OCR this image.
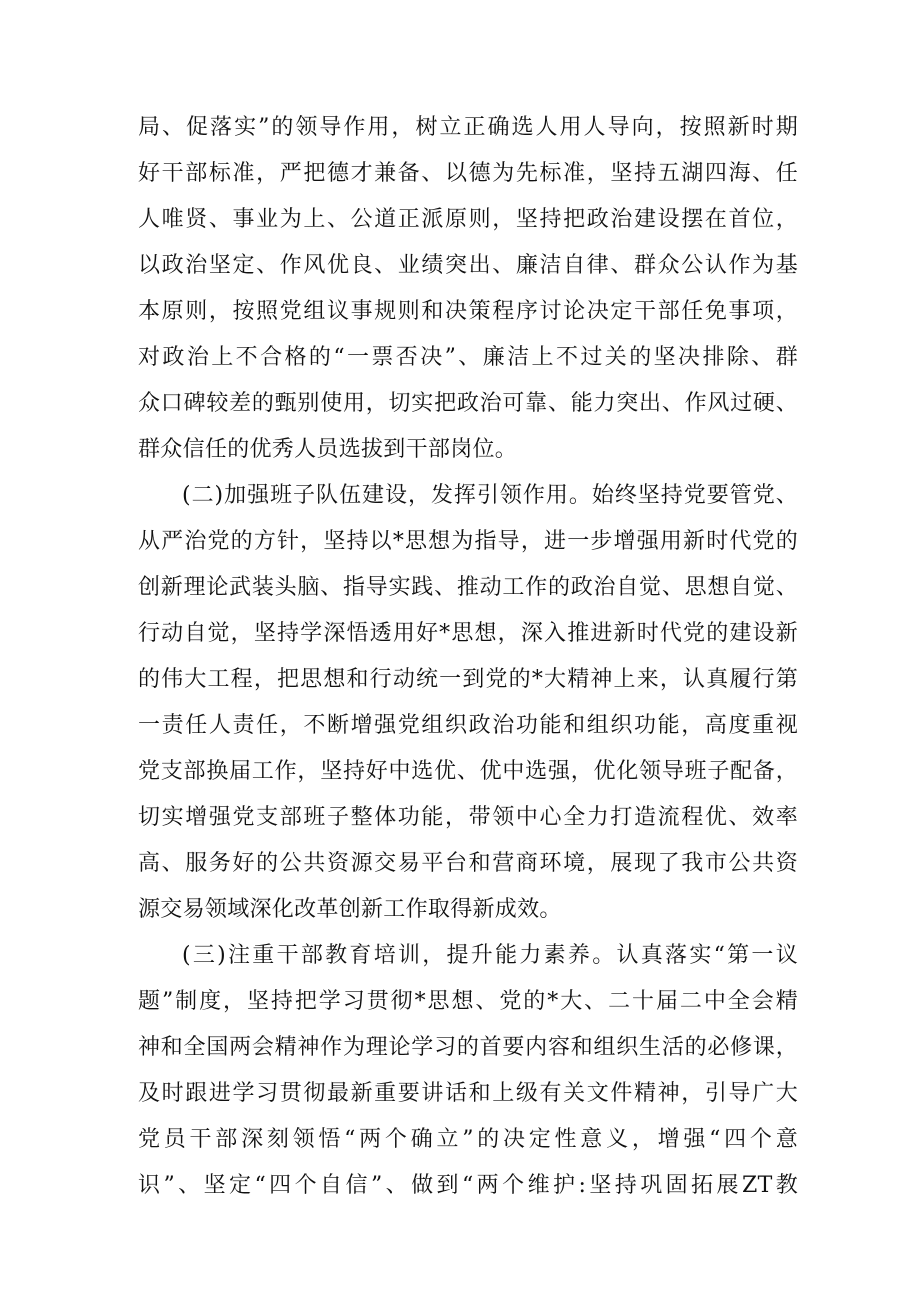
局、促落实”的领导作用，树立正确选人用人导向，按照新时期
好干部标准，严把德才兼备、以德为先标准，坚持五湖四海、任
人唯贤、事业为上、公道正派原则，坚持把政治建设摆在首位，
以政治坚定、作风优良、业绩突出、廉洁自律、群众公认作为基
本原则，按照党组议事规则和决策程序讨论决定干部任免事项，
对政治上不合格的“一票否决”、廉洁上不过关的坚决排除、群
众口碑较差的甄别使用，切实把政治可靠、能力突出、作风过硬、
群众信任的优秀人员选拔到干部岗位。
(二)加强班子队伍建设，发挥引领作用。始终坚持党要管党、
从严治党的方针，坚持以*思想为指导，进一步增强用新时代党的
创新理论武装头脑、指导实践、推动工作的政治自觉、思想自觉、
行动自觉，坚持学深悟透用好*思想，深入推进新时代党的建设新
的伟大工程，把思想和行动统一到党的*大精神上来，认真履行第
一责任人责任，不断增强党组织政治功能和组织功能，高度重视
党支部换届工作，坚持好中选优、优中选强，优化领导班子配备，
切实增强党支部班子整体功能，带领中心全力打造流程优、效率
高、服务好的公共资源交易平台和营商环境，展现了我市公共资
源交易领域深化改革创新工作取得新成效。
(三)注重干部教育培训，提升能力素养。认真落实“第一议
题”制度，坚持把学习贯彻*思想、党的*大、二十届二中全会精
神和全国两会精神作为理论学习的首要内容和组织生活的必修课，
及时跟进学习贯彻最新重要讲话和上级有关文件精神，引导广大
党员干部深刻领悟“两个确立”的决定性意义，增强“四个意
识”、坚定“四个自信”、做到“两个维护:坚持巩固拓展ZT教
